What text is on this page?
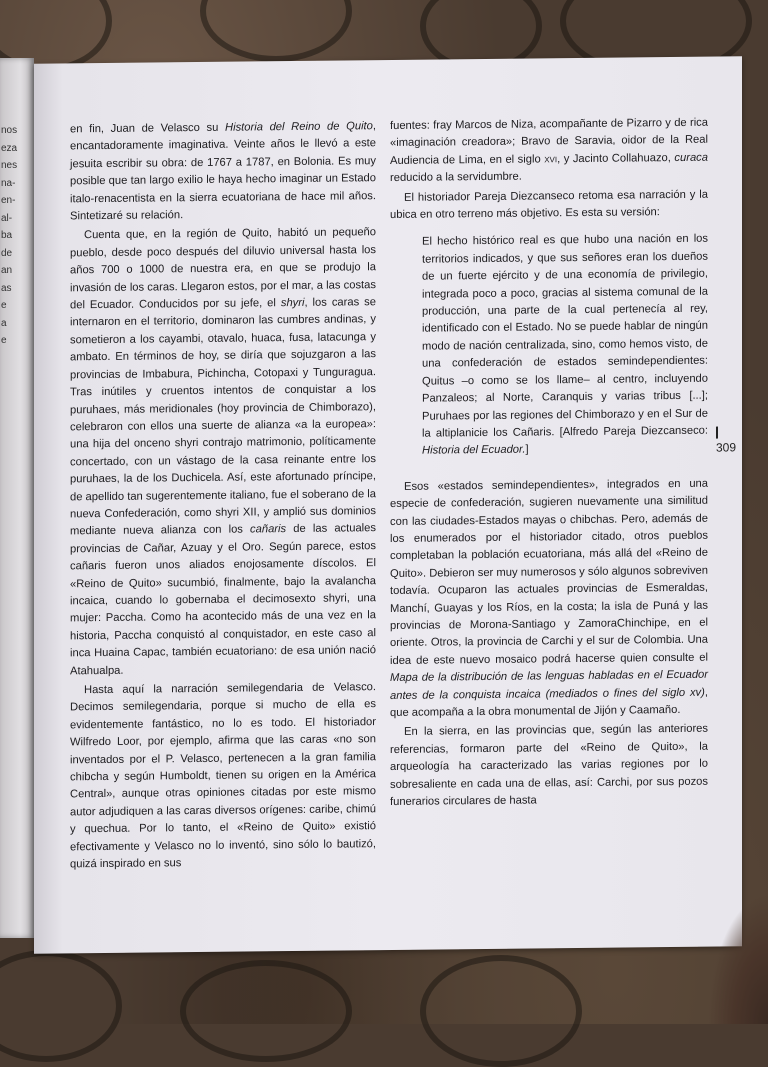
nos
eza
nes
na-
en-
al-
ba
de
an
as
e
a
e

en fin, Juan de Velasco su Historia del Reino de Quito, encantadoramente imaginativa. Veinte años le llevó a este jesuita escribir su obra: de 1767 a 1787, en Bolonia. Es muy posible que tan largo exilio le haya hecho imaginar un Estado italo-renacentista en la sierra ecuatoriana de hace mil años. Sintetizaré su relación.

Cuenta que, en la región de Quito, habitó un pequeño pueblo, desde poco después del diluvio universal hasta los años 700 o 1000 de nuestra era, en que se produjo la invasión de los caras. Llegaron estos, por el mar, a las costas del Ecuador. Conducidos por su jefe, el shyri, los caras se internaron en el territorio, dominaron las cumbres andinas, y sometieron a los cayambi, otavalo, huaca, fusa, latacunga y ambato. En términos de hoy, se diría que sojuzgaron a las provincias de Imbabura, Pichincha, Cotopaxi y Tunguragua. Tras inútiles y cruentos intentos de conquistar a los puruhaes, más meridionales (hoy provincia de Chimborazo), celebraron con ellos una suerte de alianza «a la europea»: una hija del onceno shyri contrajo matrimonio, políticamente concertado, con un vástago de la casa reinante entre los puruhaes, la de los Duchicela. Así, este afortunado príncipe, de apellido tan sugerentemente italiano, fue el soberano de la nueva Confederación, como shyri XII, y amplió sus dominios mediante nueva alianza con los cañaris de las actuales provincias de Cañar, Azuay y el Oro. Según parece, estos cañaris fueron unos aliados enojosamente díscolos. El «Reino de Quito» sucumbió, finalmente, bajo la avalancha incaica, cuando lo gobernaba el decimosexto shyri, una mujer: Paccha. Como ha acontecido más de una vez en la historia, Paccha conquistó al conquistador, en este caso al inca Huaina Capac, también ecuatoriano: de esa unión nació Atahualpa.

Hasta aquí la narración semilegendaria de Velasco. Decimos semilegendaria, porque si mucho de ella es evidentemente fantástico, no lo es todo. El historiador Wilfredo Loor, por ejemplo, afirma que las caras «no son inventados por el P. Velasco, pertenecen a la gran familia chibcha y según Humboldt, tienen su origen en la América Central», aunque otras opiniones citadas por este mismo autor adjudiquen a las caras diversos orígenes: caribe, chimú y quechua. Por lo tanto, el «Reino de Quito» existió efectivamente y Velasco no lo inventó, sino sólo lo bautizó, quizá inspirado en sus

fuentes: fray Marcos de Niza, acompañante de Pizarro y de rica «imaginación creadora»; Bravo de Saravia, oidor de la Real Audiencia de Lima, en el siglo xvi, y Jacinto Collahuazo, curaca reducido a la servidumbre.

El historiador Pareja Diezcanseco retoma esa narración y la ubica en otro terreno más objetivo. Es esta su versión:

El hecho histórico real es que hubo una nación en los territorios indicados, y que sus señores eran los dueños de un fuerte ejército y de una economía de privilegio, integrada poco a poco, gracias al sistema comunal de la producción, una parte de la cual pertenecía al rey, identificado con el Estado. No se puede hablar de ningún modo de nación centralizada, sino, como hemos visto, de una confederación de estados semindependientes: Quitus –o como se los llame– al centro, incluyendo Panzaleos; al Norte, Caranquis y varias tribus [...]; Puruhaes por las regiones del Chimborazo y en el Sur de la altiplanicie los Cañaris. [Alfredo Pareja Diezcanseco: Historia del Ecuador.]

Esos «estados semindependientes», integrados en una especie de confederación, sugieren nuevamente una similitud con las ciudades-Estados mayas o chibchas. Pero, además de los enumerados por el historiador citado, otros pueblos completaban la población ecuatoriana, más allá del «Reino de Quito». Debieron ser muy numerosos y sólo algunos sobreviven todavía. Ocuparon las actuales provincias de Esmeraldas, Manchí, Guayas y los Ríos, en la costa; la isla de Puná y las provincias de Morona-Santiago y ZamoraChinchipe, en el oriente. Otros, la provincia de Carchi y el sur de Colombia. Una idea de este nuevo mosaico podrá hacerse quien consulte el Mapa de la distribución de las lenguas habladas en el Ecuador antes de la conquista incaica (mediados o fines del siglo xv), que acompaña a la obra monumental de Jijón y Caamaño.

En la sierra, en las provincias que, según las anteriores referencias, formaron parte del «Reino de Quito», la arqueología ha caracterizado las varias regiones por lo sobresaliente en cada una de ellas, así: Carchi, por sus pozos funerarios circulares de hasta

309
